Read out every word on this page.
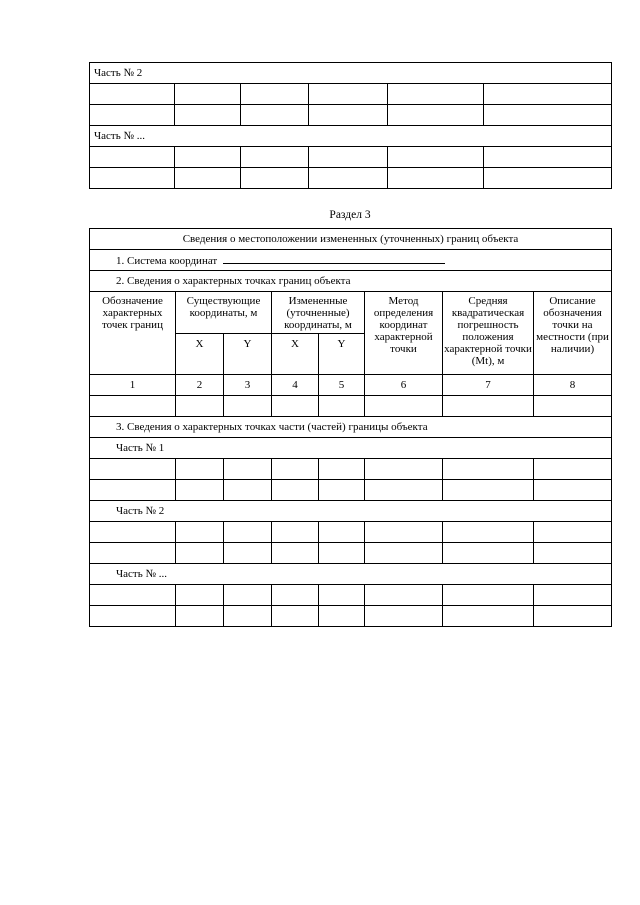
Часть № 2					

Часть № ...					

Раздел 3
Сведения о местоположении измененных (уточненных) границ объекта							
1. Система координат							
2. Сведения о характерных точках границ объекта							
Обозначение характерных точек границ	Существующие координаты, м		Измененные (уточненные) координаты, м		Метод определения координат характерной точки	Средняя квадратическая погрешность положения характерной точки (Mt), м	Описание обозначения точки на местности (при наличии)
	X	Y	X	Y			
1	2	3	4	5	6	7	8

3. Сведения о характерных точках части (частей) границы объекта							
Часть № 1							

Часть № 2							

Часть № ...							
